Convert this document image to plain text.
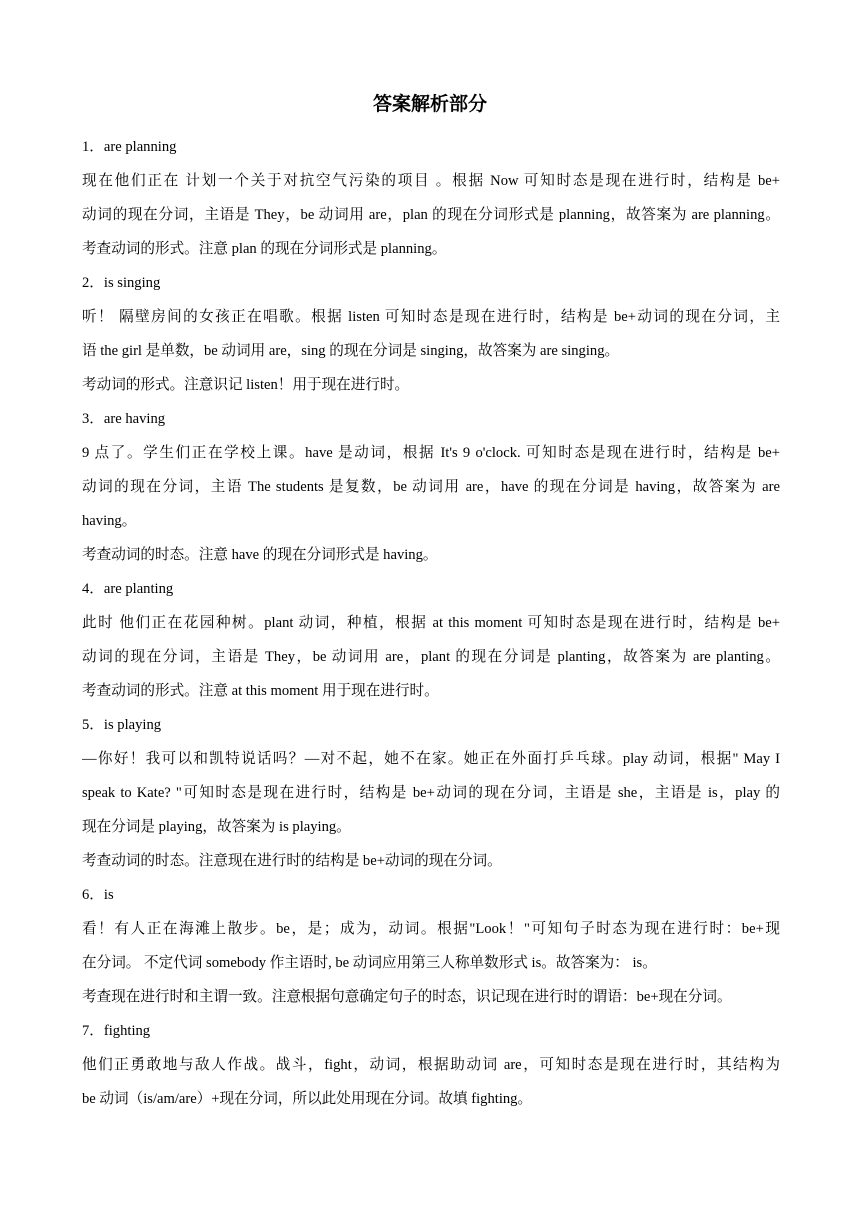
答案解析部分
1．are planning
现在他们正在 计划一个关于对抗空气污染的项目 。根据 Now 可知时态是现在进行时，结构是 be+
动词的现在分词，主语是 They，be 动词用 are，plan 的现在分词形式是 planning，故答案为 are planning。
考查动词的形式。注意 plan 的现在分词形式是 planning。
2．is singing
听！ 隔壁房间的女孩正在唱歌。根据 listen 可知时态是现在进行时，结构是 be+动词的现在分词，主
语 the girl 是单数，be 动词用 are，sing 的现在分词是 singing，故答案为 are singing。
考动词的形式。注意识记 listen！用于现在进行时。
3．are having
9 点了。学生们正在学校上课。have 是动词，根据 It's 9 o'clock. 可知时态是现在进行时，结构是 be+
动词的现在分词，主语 The students 是复数，be 动词用 are，have 的现在分词是 having，故答案为 are
having。
考查动词的时态。注意 have 的现在分词形式是 having。
4．are planting
此时 他们正在花园种树。plant 动词，种植，根据 at this moment 可知时态是现在进行时，结构是 be+
动词的现在分词，主语是 They，be 动词用 are，plant 的现在分词是 planting，故答案为 are planting。
考查动词的形式。注意 at this moment 用于现在进行时。
5．is playing
—你好！我可以和凯特说话吗？—对不起，她不在家。她正在外面打乒乓球。play 动词，根据" May I
speak to Kate? "可知时态是现在进行时，结构是 be+动词的现在分词，主语是 she，主语是 is，play 的
现在分词是 playing，故答案为 is playing。
考查动词的时态。注意现在进行时的结构是 be+动词的现在分词。
6．is
看！有人正在海滩上散步。be，是；成为，动词。根据"Look！"可知句子时态为现在进行时：be+现
在分词。 不定代词 somebody 作主语时, be 动词应用第三人称单数形式 is。故答案为： is。
考查现在进行时和主谓一致。注意根据句意确定句子的时态，识记现在进行时的谓语：be+现在分词。
7．fighting
他们正勇敢地与敌人作战。战斗，fight，动词，根据助动词 are，可知时态是现在进行时，其结构为
be 动词（is/am/are）+现在分词，所以此处用现在分词。故填 fighting。
